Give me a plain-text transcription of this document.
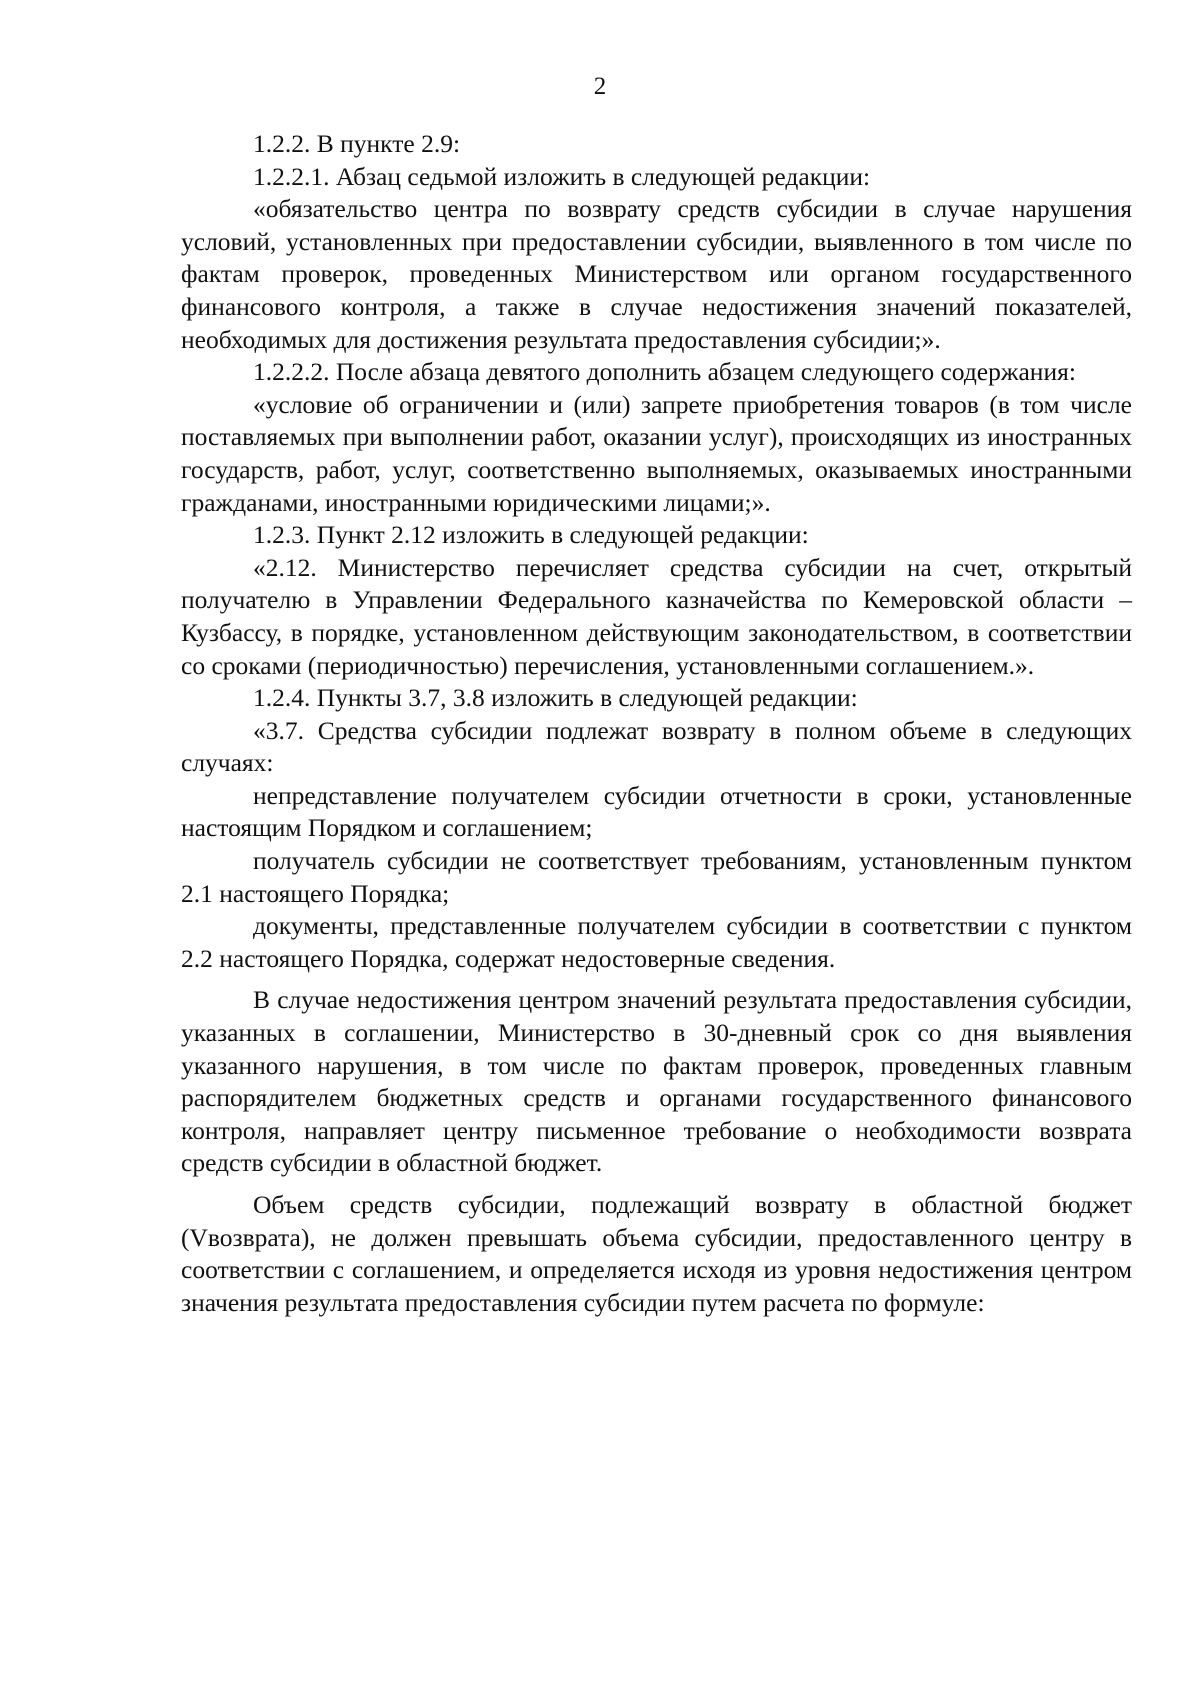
2

1.2.2. В пункте 2.9:

1.2.2.1. Абзац седьмой изложить в следующей редакции:

«обязательство центра по возврату средств субсидии в случае нарушения условий, установленных при предоставлении субсидии, выявленного в том числе по фактам проверок, проведенных Министерством или органом государственного финансового контроля, а также в случае недостижения значений показателей, необходимых для достижения результата предоставления субсидии;».

1.2.2.2. После абзаца девятого дополнить абзацем следующего содержания:

«условие об ограничении и (или) запрете приобретения товаров (в том числе поставляемых при выполнении работ, оказании услуг), происходящих из иностранных государств, работ, услуг, соответственно выполняемых, оказываемых иностранными гражданами, иностранными юридическими лицами;».

1.2.3. Пункт 2.12 изложить в следующей редакции:

«2.12. Министерство перечисляет средства субсидии на счет, открытый получателю в Управлении Федерального казначейства по Кемеровской области – Кузбассу, в порядке, установленном действующим законодательством, в соответствии со сроками (периодичностью) перечисления, установленными соглашением.».

1.2.4. Пункты 3.7, 3.8 изложить в следующей редакции:

«3.7. Средства субсидии подлежат возврату в полном объеме в следующих случаях:

непредставление получателем субсидии отчетности в сроки, установленные настоящим Порядком и соглашением;

получатель субсидии не соответствует требованиям, установленным пунктом 2.1 настоящего Порядка;

документы, представленные получателем субсидии в соответствии с пунктом 2.2 настоящего Порядка, содержат недостоверные сведения.

В случае недостижения центром значений результата предоставления субсидии, указанных в соглашении, Министерство в 30-дневный срок со дня выявления указанного нарушения, в том числе по фактам проверок, проведенных главным распорядителем бюджетных средств и органами государственного финансового контроля, направляет центру письменное требование о необходимости возврата средств субсидии в областной бюджет.

Объем средств субсидии, подлежащий возврату в областной бюджет (Vвозврата), не должен превышать объема субсидии, предоставленного центру в соответствии с соглашением, и определяется исходя из уровня недостижения центром значения результата предоставления субсидии путем расчета по формуле:
